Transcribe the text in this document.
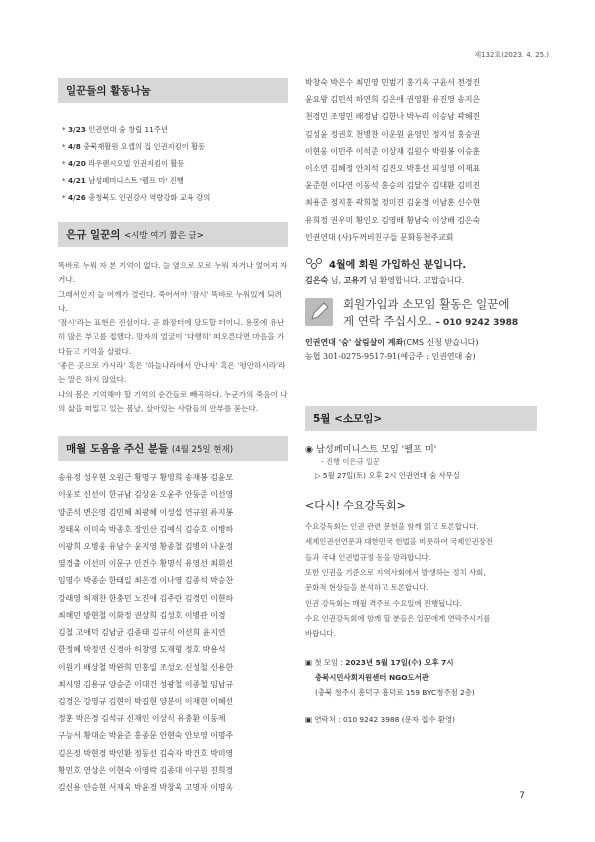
제132호(2023. 4. 25.)
일꾼들의 활동나눔
* 3/23 인권연대 숨 창립 11주년
* 4/8 충북재활원 요셉의 집 인권지킴이 활동
* 4/20 라우렌시오빌 인권지킴이 활동
* 4/21 남성페미니스트 '펠프 미' 진행
* 4/26 충청북도 인권강사 역량강화 교육 강의
은규 일꾼의 <시방 여기 짧은 글>

똑바로 누워 자 본 기억이 없다. 늘 옆으로 모로 누워 자거나 엎어져 자거나.

그래서인지 늘 어깨가 결린다. 죽어서야 '잠시' 똑바로 누워있게 되려나.

'잠시'라는 표현은 진심이다. 곧 화장터에 당도할 터이니. 용봉에 유난히 많은 부고를 접했다. 망자의 얼굴이 '다행히' 떠오른다면 마음을 가다듬고 기억을 살폈다.

'좋은 곳으로 가시라' 혹은 '하늘나라에서 만나자' 혹은 '평안하시라'라는 말은 하지 않았다.

나의 봄은 기억해야 할 기억의 순간들로 빼곡하다. 누군가의 죽음이 나의 삶을 떠밀고 있는 봄날, 살아있는 사람들의 안부를 묻는다.

매월 도움을 주신 분들 (4월 25일 현재)
송유정 성우현 오원근 황명구 황영희 송재봉 김윤모
이웅로 신선이 한규남 김상윤 오윤주 안동준 이선영
양준석 변은영 김민혜 최광혜 이성섭 연규원 류지봉
정태욱 이미숙 박종호 장인산 김예식 김승호 이병하
이광희 오병웅 유남수 윤지영 황종철 김병의 나윤정
염경출 이선미 이문구 안건수 황명식 유영선 최휘선
임명수 박종순 한태일 최은경 이나영 김종석 박승찬
강래영 허재찬 한충민 노진애 김주란 김경민 이현하
최해민 방현철 이화정 권상희 김성호 이병관 이경
김철 고애덕 김남균 김종태 김규식 이선희 윤지연
한정혜 박정연 신경아 허창영 도재형 정호 박용석
이원기 배상철 박완희 민홍일 조성오 신성철 신용한
최시영 김용규 양승준 이대건 성광철 이종철 임남규
김경은 강영규 김현이 박길현 양분이 이재현 이혜선
정훈 박은경 김석규 신재인 이상식 유충환 이동제
구능서 황대순 박윤준 홍종문 안현숙 안보영 이명주
김은정 박현경 박인환 정동선 김숙자 박건호 박미영
황민호 연상은 이현숙 이영락 김종대 이구원 진희경
김신용 안승현 서재욱 박윤경 박창욱 고명자 이명옥
박창숙 박은수 최민영 민범기 홍기옥 구윤서 전경진
윤요왕 김민석 하연희 김은애 권영환 유진영 송지은
천경민 조영민 배정남 김한나 박누리 이승남 곽혜진
김성윤 정권호 천병찬 이운원 윤영민 정지성 홍승권
이현웅 이민주 이석준 이상재 김원수 박원봉 이승훈
이소연 김혜정 안치석 김진오 박홍선 피성영 이재표
윤준현 이다연 이동석 홍승의 김달수 김대환 김미진
최용준 정지홍 곽희철 정미진 김윤경 이남훈 신수현
유희정 권우미 황인오 김영배 황남숙 이상배 김은숙
인권연대 (사)두꺼비친구들 문화동천주교회
4월에 회원 가입하신 분입니다.
김은숙 님, 고유기 님 환영합니다. 고맙습니다.
회원가입과 소모임 활동은 일꾼에
게 연락 주십시오. – 010 9242 3988
인권연대 '숨' 살림살이 계좌(CMS 신청 받습니다)
농협 301-0275-9517-91(예금주 : 인권연대 숨)
5월 <소모임>
◉ 남성페미니스트 모임 '펠프 미'
- 진행 이은규 일꾼
▷ 5월 27일(토) 오후 2시 인권연대 숨 사무실
<다시! 수요강독회>

수요강독회는 인권 관련 문헌을 함께 읽고 토론합니다.

세계인권선언문과 대한민국 헌법을 비롯하여 국제인권장전

들과 국내 인권법규정 등을 망라합니다.

또한 인권을 기준으로 지역사회에서 발생하는 정치 사회,

문화적 현상들을 분석하고 토론합니다.

인권 강독회는 매월 격주로 수요일에 진행됩니다.

수요 인권강독회에 함께 할 분들은 일꾼에게 연락주시기를

바랍니다.

▣ 첫 모임 : 2023년 5월 17일(수) 오후 7시
충북시민사회지원센터 NGO도서관
(충북 청주시 흥덕구 흥덕로 159 BYC청주점 2층)
▣ 연락처 : 010 9242 3988 (문자 접수 환영)
7
